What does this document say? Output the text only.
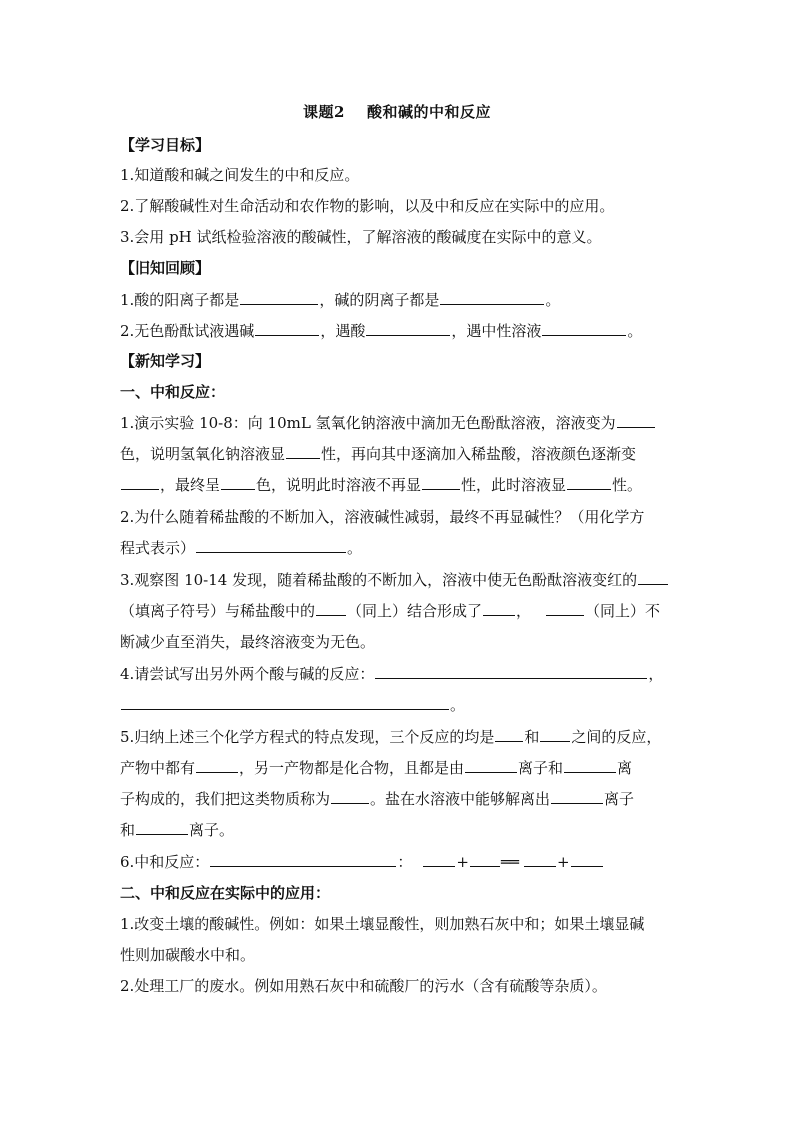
课题2 酸和碱的中和反应
【学习目标】
1.知道酸和碱之间发生的中和反应。
2.了解酸碱性对生命活动和农作物的影响，以及中和反应在实际中的应用。
3.会用 pH 试纸检验溶液的酸碱性，了解溶液的酸碱度在实际中的意义。
【旧知回顾】
1.酸的阳离子都是	，碱的阴离子都是	。
2.无色酚酞试液遇碱	，遇酸	，遇中性溶液	。
【新知学习】
一、中和反应：
1.演示实验 10-8：向 10mL 氢氧化钠溶液中滴加无色酚酞溶液，溶液变为
色，说明氢氧化钠溶液显 性，再向其中逐滴加入稀盐酸，溶液颜色逐渐变
，最终呈 色，说明此时溶液不再显	性，此时溶液显	性。
2.为什么随着稀盐酸的不断加入，溶液碱性减弱，最终不再显碱性？（用化学方
程式表示）	。
3.观察图 10-14 发现，随着稀盐酸的不断加入，溶液中使无色酚酞溶液变红的
（填离子符号）与稀盐酸中的 （同上）结合形成了 ，	（同上）不
断减少直至消失，最终溶液变为无色。
4.请尝试写出另外两个酸与碱的反应：	，
。
5.归纳上述三个化学方程式的特点发现，三个反应的均是 和 之间的反应，
产物中都有	，另一产物都是化合物，且都是由	离子和	离
子构成的，我们把这类物质称为	。盐在水溶液中能够解离出	离子
和	离子。
6.中和反应：	：	+ ══	+
二、中和反应在实际中的应用：
1.改变土壤的酸碱性。例如：如果土壤显酸性，则加熟石灰中和；如果土壤显碱
性则加碳酸水中和。
2.处理工厂的废水。例如用熟石灰中和硫酸厂的污水（含有硫酸等杂质）。
